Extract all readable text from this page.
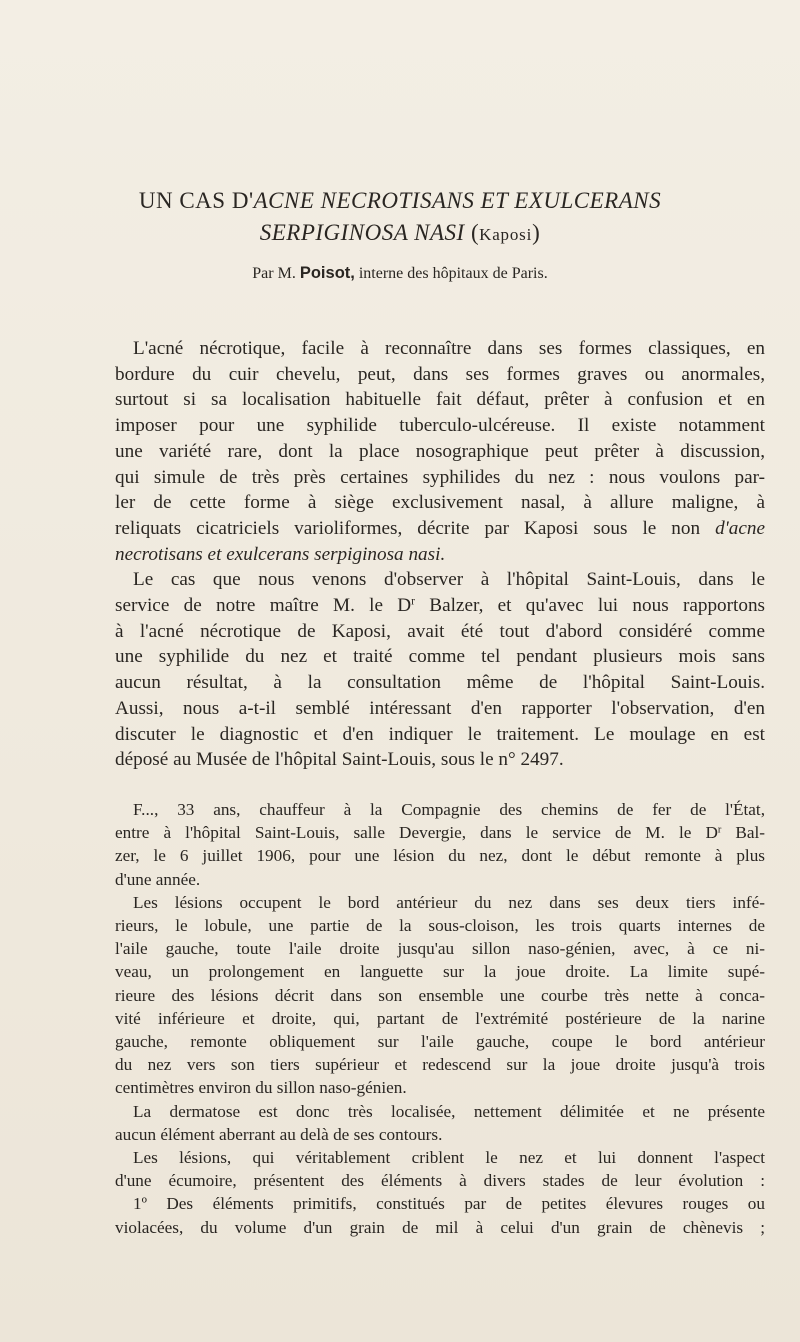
UN CAS D'ACNE NECROTISANS ET EXULCERANS
SERPIGINOSA NASI (Kaposi)
Par M. Poisot, interne des hôpitaux de Paris.
L'acné nécrotique, facile à reconnaître dans ses formes classiques, en
bordure du cuir chevelu, peut, dans ses formes graves ou anormales,
surtout si sa localisation habituelle fait défaut, prêter à confusion et en
imposer pour une syphilide tuberculo-ulcéreuse. Il existe notamment
une variété rare, dont la place nosographique peut prêter à discussion,
qui simule de très près certaines syphilides du nez : nous voulons par-
ler de cette forme à siège exclusivement nasal, à allure maligne, à
reliquats cicatriciels varioliformes, décrite par Kaposi sous le non d'acne
necrotisans et exulcerans serpiginosa nasi.
Le cas que nous venons d'observer à l'hôpital Saint-Louis, dans le
service de notre maître M. le $D^r$ Balzer, et qu'avec lui nous rapportons
à l'acné nécrotique de Kaposi, avait été tout d'abord considéré comme
une syphilide du nez et traité comme tel pendant plusieurs mois sans
aucun résultat, à la consultation même de l'hôpital Saint-Louis.
Aussi, nous a-t-il semblé intéressant d'en rapporter l'observation, d'en
discuter le diagnostic et d'en indiquer le traitement. Le moulage en est
déposé au Musée de l'hôpital Saint-Louis, sous le n° 2497.
F..., 33 ans, chauffeur à la Compagnie des chemins de fer de l'État,
entre à l'hôpital Saint-Louis, salle Devergie, dans le service de M. le $D^r$ Bal-
zer, le 6 juillet 1906, pour une lésion du nez, dont le début remonte à plus
d'une année.
Les lésions occupent le bord antérieur du nez dans ses deux tiers infé-
rieurs, le lobule, une partie de la sous-cloison, les trois quarts internes de
l'aile gauche, toute l'aile droite jusqu'au sillon naso-génien, avec, à ce ni-
veau, un prolongement en languette sur la joue droite. La limite supé-
rieure des lésions décrit dans son ensemble une courbe très nette à conca-
vité inférieure et droite, qui, partant de l'extrémité postérieure de la narine
gauche, remonte obliquement sur l'aile gauche, coupe le bord antérieur
du nez vers son tiers supérieur et redescend sur la joue droite jusqu'à trois
centimètres environ du sillon naso-génien.
La dermatose est donc très localisée, nettement délimitée et ne présente
aucun élément aberrant au delà de ses contours.
Les lésions, qui véritablement criblent le nez et lui donnent l'aspect
d'une écumoire, présentent des éléments à divers stades de leur évolution :
1º Des éléments primitifs, constitués par de petites élevures rouges ou
violacées, du volume d'un grain de mil à celui d'un grain de chènevis ;
